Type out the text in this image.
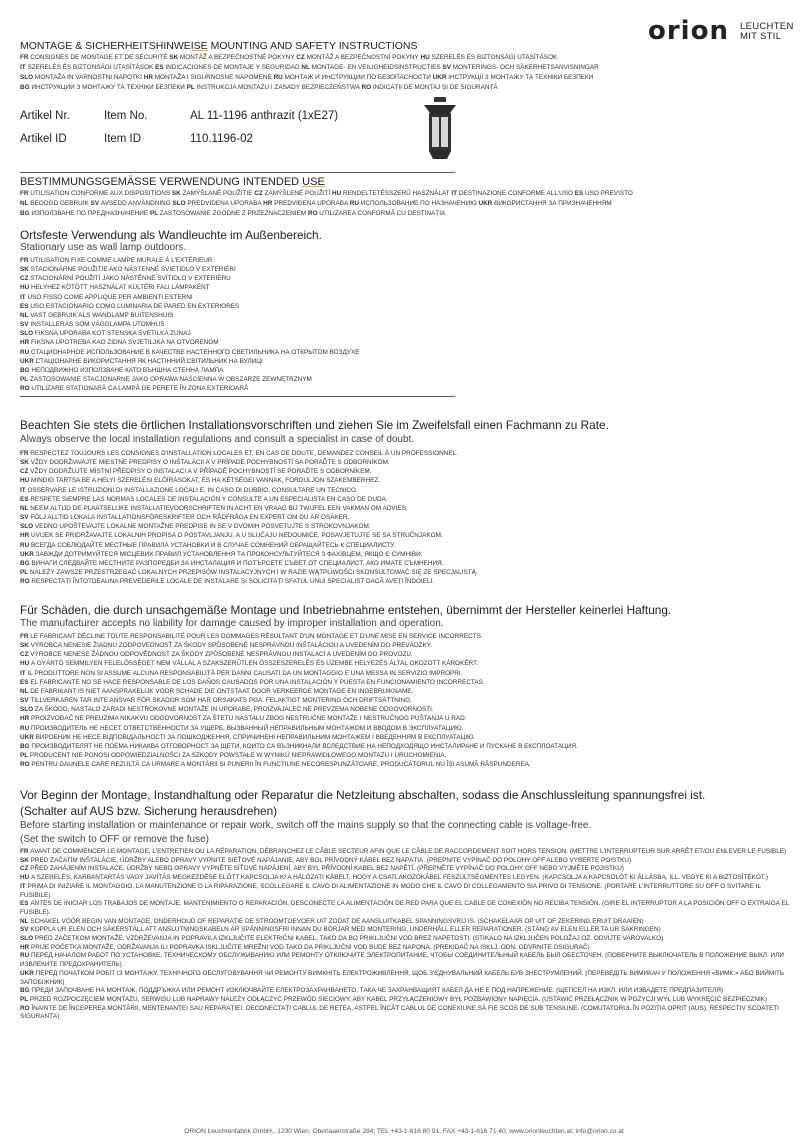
orion LEUCHTEN
MIT STIL
MONTAGE & SICHERHEITSHINWEISE MOUNTING AND SAFETY INSTRUCTIONS
FR CONSIGNES DE MONTAGE ET DE SÉCURITÉ SK MONTÁŽ A BEZPEČNOSTNÉ POKYNY CZ MONTÁŽ A BEZPEČNOSTNÍ POKYNY HU SZERELÉS ÉS BIZTONSÁGI UTASÍTÁSOK
IT SZERELÉS ÉS BIZTONSÁGI UTASÍTÁSOK ES INDICACIONES DE MONTAJE Y SEGURIDAD NL MONTAGE- EN VEILIGHEIDSINSTRUCTIES SV MONTERINGS- OCH SÄKERHETSANVISNINGAR
SLO MONTAŽA IN VARNOSTNI NAPOTKI HR MONTAŽA I SIGURNOSNE NAPOMENE RU МОНТАЖ И ИНСТРУКЦИИ ПО БЕЗОПАСНОСТИ UKR ІНСТРУКЦІЇ З МОНТАЖУ ТА ТЕХНІКИ БЕЗПЕКИ
BG ИНСТРУКЦИИ З МОНТАЖУ ТА ТЕХНІКИ БЕЗПЕКИ PL INSTRUKCJA MONTAŻU I ZASADY BEZPIECZEŃSTWA RO INDICAȚII DE MONTAJ ȘI DE SIGURANȚĂ
Artikel Nr.	Item No.	AL 11-1196 anthrazit (1xE27)
Artikel ID	Item ID	110.1196-02
BESTIMMUNGSGEMÄSSE VERWENDUNG INTENDED USE
FR UTILISATION CONFORME AUX DISPOSITIONS SK ZAMÝŠĽANÉ POUŽITIE CZ ZAMÝŠLENÉ POUŽITÍ HU RENDELTETÉSSZERŰ HASZNÁLAT IT DESTINAZIONE CONFORME ALL'USO ES USO PREVISTO
NL BEOOGD GEBRUIK SV AVSEDD ANVÄNDNING SLO PREDVIDENA UPORABA HR PREDVIĐENA UPORABA RU ИСПОЛЬЗОВАНИЕ ПО НАЗНАЧЕНИЮ UKR ВИКОРИСТАННЯ ЗА ПРИЗНАЧЕННЯМ
BG ИЗПОЛЗВАНЕ ПО ПРЕДНАЗНАЧЕНИЕ PL ZASTOSOWANIE ZGODNE Z PRZEZNACZENIEM RO UTILIZAREA CONFORMĂ CU DESTINAȚIA
Ortsfeste Verwendung als Wandleuchte im Außenbereich.
Stationary use as wall lamp outdoors.
FR UTILISATION FIXE COMME LAMPE MURALE À L'EXTÉRIEUR
SK STACIONÁRNE POUŽITIE AKO NÁSTENNÉ SVIETIDLO V EXTERIÉRI
CZ STACIONÁRNÍ POUŽITÍ JAKO NÁSTĚNNÉ SVÍTIDLO V EXTERIÉRU
HU HELYHEZ KÖTÖTT HASZNÁLAT KÜLTÉRI FALI LÁMPAKÉNT
IT USO FISSO COME APPLIQUE PER AMBIENTI ESTERNI
ES USO ESTACIONARIO COMO LUMINARIA DE PARED EN EXTERIORES
NL VAST GEBRUIK ALS WANDLAMP BUITENSHUIS
SV INSTALLERAS SOM VÄGGLAMPA UTOMHUS
SLO FIKSNA UPORABA KOT STENSKA SVETILKA ZUNAJ
HR FIKSNA UPOTREBA KAO ZIDNA SVJETILJKA NA OTVORENOM
RU СТАЦИОНАРНОЕ ИСПОЛЬЗОВАНИЕ В КАЧЕСТВЕ НАСТЕННОГО СВЕТИЛЬНИКА НА ОТКРЫТОМ ВОЗДУХЕ
UKR СТАЦІОНАРНЕ ВИКОРИСТАННЯ ЯК НАСТІННИЙ СВІТИЛЬНИК НА ВУЛИЦІ
BG НЕПОДВИЖНО ИЗПОЛЗВАНЕ КАТО ВЪНШНА СТЕННА ЛАМПА
PL ZASTOSOWANIE STACJONARNE JAKO OPRAWA NAŚCIENNA W OBSZARZE ZEWNĘTRZNYM
RO UTILIZARE STAȚIONARĂ CA LAMPĂ DE PERETE ÎN ZONA EXTERIOARĂ
Beachten Sie stets die örtlichen Installationsvorschriften und ziehen Sie im Zweifelsfall einen Fachmann zu Rate.
Always observe the local installation regulations and consult a specialist in case of doubt.
FR RESPECTEZ TOUJOURS LES CONSIGNES D'INSTALLATION LOCALES ET, EN CAS DE DOUTE, DEMANDEZ CONSEIL À UN PROFESSIONNEL.
SK VŽDY DODRŽIAVAJTE MIESTNE PREDPISY O INŠTALÁCII A V PRÍPADE POCHYBNOSTÍ SA PORAĎTE S ODBORNÍKOM.
CZ VŽDY DODRŽUJTE MÍSTNÍ PŘEDPISY O INSTALACI A V PŘÍPADĚ POCHYBNOSTÍ SE PORAĎTE S ODBORNÍKEM.
HU MINDIG TARTSA BE A HELYI SZERELÉSI ELŐÍRÁSOKAT, ÉS HA KÉTSÉGEI VANNAK, FORDULJON SZAKEMBERHEZ.
IT OSSERVARE LE ISTRUZIONI DI INSTALLAZIONE LOCALI E, IN CASO DI DUBBIO, CONSULTARE UN TECNICO.
ES RESPETE SIEMPRE LAS NORMAS LOCALES DE INSTALACIÓN Y CONSULTE A UN ESPECIALISTA EN CASO DE DUDA.
NL NEEM ALTIJD DE PLAATSELIJKE INSTALLATIEVOORSCHRIFTEN IN ACHT EN VRAAG BIJ TWIJFEL EEN VAKMAN OM ADVIES.
SV FÖLJ ALLTID LOKALA INSTALLATIONSFÖRESKRIFTER OCH RÅDFRÅGA EN EXPERT OM DU ÄR OSÄKER.
SLO VEDNO UPOŠTEVAJTE LOKALNE MONTAŽNE PREDPISE IN SE V DVOMIH POSVETUJTE S STROKOVNJAKOM.
HR UVIJEK SE PRIDRŽAVAJTE LOKALNIH PROPISA O POSTAVLJANJU, A U SLUČAJU NEDOUMICE, POSAVJETUJTE SE SA STRUČNJAKOM.
RU ВСЕГДА СОБЛЮДАЙТЕ МЕСТНЫЕ ПРАВИЛА УСТАНОВКИ И В СЛУЧАЕ СОМНЕНИЙ ОБРАЩАЙТЕСЬ К СПЕЦИАЛИСТУ.
UKR ЗАВЖДИ ДОТРИМУЙТЕСЯ МІСЦЕВИХ ПРАВИЛ УСТАНОВЛЕННЯ ТА ПРОКОНСУЛЬТУЙТЕСЯ З ФАХІВЦЕМ, ЯКЩО Є СУМНІВИ.
BG ВИНАГИ СЛЕДВАЙТЕ МЕСТНИТЕ РАЗПОРЕДБИ ЗА ИНСТАЛАЦИЯ И ПОТЪРСЕТЕ СЪВЕТ ОТ СПЕЦИАЛИСТ, АКО ИМАТЕ СЪМНЕНИЯ.
PL NALEŻY ZAWSZE PRZESTRZEGAĆ LOKALNYCH PRZEPISÓW INSTALACYJNYCH I W RAZIE WĄTPLIWOŚCI SKONSULTOWAĆ SIĘ ZE SPECJALISTĄ.
RO RESPECTAȚI ÎNTOTDEAUNA PREVEDERILE LOCALE DE INSTALARE ȘI SOLICITAȚI SFATUL UNUI SPECIALIST DACĂ AVEȚI ÎNDOIELI.
Für Schäden, die durch unsachgemäße Montage und Inbetriebnahme entstehen, übernimmt der Hersteller keinerlei Haftung.
The manufacturer accepts no liability for damage caused by improper installation and operation.
FR LE FABRICANT DÉCLINE TOUTE RESPONSABILITÉ POUR LES DOMMAGES RÉSULTANT D'UN MONTAGE ET D'UNE MISE EN SERVICE INCORRECTS.
SK VÝROBCA NENESIE ŽIADNU ZODPOVEDNOSŤ ZA ŠKODY SPÔSOBENÉ NESPRÁVNOU INŠTALÁCIOU A UVEDENÍM DO PREVÁDZKY.
CZ VÝROBCE NENESE ŽÁDNOU ODPOVĚDNOST ZA ŠKODY ZPŮSOBENÉ NESPRÁVNOU INSTALACÍ A UVEDENÍM DO PROVOZU.
HU A GYÁRTÓ SEMMILYEN FELELŐSSÉGET NEM VÁLLAL A SZAKSZERŰTLEN ÖSSZESZERELÉS ÉS ÜZEMBE HELYEZÉS ÁLTAL OKOZOTT KÁROKÉRT.
IT IL PRODUTTORE NON SI ASSUME ALCUNA RESPONSABILITÀ PER DANNI CAUSATI DA UN MONTAGGIO E UNA MESSA IN SERVIZIO IMPROPRI.
ES EL FABRICANTE NO SE HACE RESPONSABLE DE LOS DAÑOS CAUSADOS POR UNA INSTALACIÓN Y PUESTA EN FUNCIONAMIENTO INCORRECTAS.
NL DE FABRIKANT IS NIET AANSPRAKELIJK VOOR SCHADE DIE ONTSTAAT DOOR VERKEERDE MONTAGE EN INGEBRUIKNAME.
SV TILLVERKAREN TAR INTE ANSVAR FÖR SKADOR SOM HAR ORSAKATS PGA. FELAKTIGT MONTERING OCH DRIFTSÄTTNING.
SLO ZA ŠKODO, NASTALO ZARADI NESTROKOVNE MONTAŽE IN UPORABE, PROIZVAJALEC NE PREVZEMA NOBENE ODGOVORNOSTI.
HR PROIZVOĐAČ NE PREUZIMA NIKAKVU ODGOVORNOST ZA ŠTETU NASTALU ZBOG NESTRUČNE MONTAŽE I NESTRUČNOG PUŠTANJA U RAD.
RU ПРОИЗВОДИТЕЛЬ НЕ НЕСЕТ ОТВЕТСТВЕННОСТИ ЗА УЩЕРБ, ВЫЗВАННЫЙ НЕПРАВИЛЬНЫМ МОНТАЖОМ И ВВОДОМ В ЭКСПЛУАТАЦИЮ.
UKR ВИРОБНИК НЕ НЕСЕ ВІДПОВІДАЛЬНОСТІ ЗА ПОШКОДЖЕННЯ, СПРИЧИНЕНІ НЕПРАВИЛЬНИМ МОНТАЖЕМ І ВВЕДЕННЯМ В ЕКСПЛУАТАЦІЮ.
BG ПРОИЗВОДИТЕЛЯТ НЕ ПОЕМА НИКАКВА ОТГОВОРНОСТ ЗА ЩЕТИ, КОИТО СА ВЪЗНИКНАЛИ ВСЛЕДСТВИЕ НА НЕПОДХОДЯЩО ИНСТАЛИРАНЕ И ПУСКАНЕ В ЕКСПЛОАТАЦИЯ.
PL PRODUCENT NIE PONOSI ODPOWIEDZIALNOŚCI ZA SZKODY POWSTAŁE W WYNIKU NIEPRAWIDŁOWEGO MONTAŻU I URUCHOMIENIA.
RO PENTRU DAUNELE CARE REZULTĂ CA URMARE A MONTĂRII ȘI PUNERII ÎN FUNCȚIUNE NECORESPUNZĂTOARE, PRODUCĂTORUL NU ÎȘI ASUMĂ RĂSPUNDEREA.
Vor Beginn der Montage, Instandhaltung oder Reparatur die Netzleitung abschalten, sodass die Anschlussleitung spannungsfrei ist.
(Schalter auf AUS bzw. Sicherung herausdrehen)
Before starting installation or maintenance or repair work, switch off the mains supply so that the connecting cable is voltage-free.
(Set the switch to OFF or remove the fuse)
FR AVANT DE COMMENCER LE MONTAGE, L'ENTRETIEN OU LA RÉPARATION, DÉBRANCHEZ LE CÂBLE SECTEUR AFIN QUE LE CÂBLE DE RACCORDEMENT SOIT HORS TENSION. (METTRE L'INTERRUPTEUR SUR ARRÊT ET/OU ENLEVER LE FUSIBLE)
SK PRED ZAČATÍM INŠTALÁCIE, ÚDRŽBY ALEBO OPRAVY VYPNITE SIEŤOVÉ NAPÁJANIE, ABY BOL PRÍVODNÝ KÁBEL BEZ NAPÄTIA. (PREPNITE VYPÍNAČ DO POLOHY OFF ALEBO VYBERTE POISTKU)
CZ PŘED ZAHÁJENÍM INSTALACE, ÚDRŽBY NEBO OPRAVY VYPNĚTE SÍŤOVÉ NAPÁJENÍ, ABY BYL PŘÍVODNÍ KABEL BEZ NAPĚTÍ. (PŘEPNĚTE VYPÍNAČ DO POLOHY OFF NEBO VYJMĚTE POJISTKU)
HU A SZERELÉS, KARBANTARTÁS VAGY JAVÍTÁS MEGKEZDÉSE ELŐTT KAPCSOLJA KI A HÁLÓZATI KÁBELT, HOGY A CSATLAKOZÓKÁBEL FESZÜLTSÉGMENTES LEGYEN. (KAPCSOLJA A KAPCSOLÓT KI ÁLLÁSBA, ILL. VEGYE KI A BIZTOSÍTÉKOT.)
IT PRIMA DI INIZIARE IL MONTAGGIO, LA MANUTENZIONE O LA RIPARAZIONE, SCOLLEGARE IL CAVO DI ALIMENTAZIONE IN MODO CHE IL CAVO DI COLLEGAMENTO SIA PRIVO DI TENSIONE. (PORTARE L'INTERRUTTORE SU OFF O SVITARE IL FUSIBILE)
ES ANTES DE INICIAR LOS TRABAJOS DE MONTAJE, MANTENIMIENTO O REPARACIÓN, DESCONECTE LA ALIMENTACIÓN DE RED PARA QUE EL CABLE DE CONEXIÓN NO RECIBA TENSIÓN. (GIRE EL INTERRUPTOR A LA POSICIÓN OFF O EXTRAIGA EL FUSIBLE).
NL SCHAKEL VÓÓR BEGIN VAN MONTAGE, ONDERHOUD OF REPARATIE DE STROOMTOEVOER UIT ZODAT DE AANSLUITKABEL SPANNINGSVRIJ IS. (SCHAKELAAR OP UIT OF ZEKERING ERUIT DRAAIEN)
SV KOPPLA UR ELEN OCH SÄKERSTÄLL ATT ANSLUTNINGSKABELN ÄR SPÄNNINGSFRI INNAN DU BÖRJAR MED MONTERING, UNDERHÅLL ELLER REPARATIONER. (STÄNG AV ELEN ELLER TA UR SÄKRINGEN)
SLO PRED ZAČETKOM MONTAŽE, VZDRŽEVANJA IN POPRAVILA IZKLJUČITE ELEKTRIČNI KABEL, TAKO DA BO PRIKLJUČNI VOD BREZ NAPETOSTI. (STIKALO NA IZKLJUČEN POLOŽAJ OZ. ODVIJTE VAROVALKO)
HR PRIJE POČETKA MONTAŽE, ODRŽAVANJA ILI POPRAVKA ISKLJUČITE MREŽNI VOD TAKO DA PRIKLJUČNI VOD BUDE BEZ NAPONA. (PREKIDAČ NA ISKLJ. ODN. ODVRNITE OSIGURAČ)
RU ПЕРЕД НАЧАЛОМ РАБОТ ПО УСТАНОВКЕ, ТЕХНИЧЕСКОМУ ОБСЛУЖИВАНИЮ ИЛИ РЕМОНТУ ОТКЛЮЧИТЕ ЭЛЕКТРОПИТАНИЕ, ЧТОБЫ СОЕДИНИТЕЛЬНЫЙ КАБЕЛЬ БЫЛ ОБЕСТОЧЕН. (ПОВЕРНИТЕ ВЫКЛЮЧАТЕЛЬ В ПОЛОЖЕНИЕ ВЫКЛ. ИЛИ ИЗВЛЕКИТЕ ПРЕДОХРАНИТЕЛЬ)
UKR ПЕРЕД ПОЧАТКОМ РОБІТ ІЗ МОНТАЖУ, ТЕХНІЧНОГО ОБСЛУГОВУВАННЯ ЧИ РЕМОНТУ ВИМКНІТЬ ЕЛЕКТРОЖИВЛЕННЯ, ЩОБ З'ЄДНУВАЛЬНИЙ КАБЕЛЬ БУВ ЗНЕСТРУМЛЕНИЙ. (ПЕРЕВЕДІТЬ ВИМИКАЧ У ПОЛОЖЕННЯ «ВИМК.» АБО ВИЙМІТЬ ЗАПОБІЖНИК)
BG ПРЕДИ ЗАПОЧВАНЕ НА МОНТАЖ, ПОДДРЪЖКА ИЛИ РЕМОНТ ИЗКЛЮЧВАЙТЕ ЕЛЕКТРОЗАХРАНВАНЕТО, ТАКА ЧЕ ЗАХРАНВАЩИЯТ КАБЕЛ ДА НЕ Е ПОД НАПРЕЖЕНИЕ. (ЩЕПСЕЛ НА ИЗКЛ. ИЛИ ИЗВАДЕТЕ ПРЕДПАЗИТЕЛЯ)
PL PRZED ROZPOCZĘCIEM MONTAŻU, SERWISU LUB NAPRAWY NALEŻY ODŁĄCZYĆ PRZEWÓD SIECIOWY, ABY KABEL PRZYŁĄCZENIOWY BYŁ POZBAWIONY NAPIĘCIA. (USTAWIĆ PRZEŁĄCZNIK W POZYCJI WYŁ LUB WYKRĘCIĆ BEZPIECZNIK)
RO ÎNAINTE DE ÎNCEPEREA MONTĂRII, MENTENANȚEI SAU REPARAȚIEI, DECONECTAȚI CABLUL DE REȚEA, ASTFEL ÎNCÂT CABLUL DE CONEXIUNE SĂ FIE SCOS DE SUB TENSIUNE. (COMUTATORUL ÎN POZIȚIA OPRIT (AUS), RESPECTIV SCOATEȚI SIGURANȚA)
ORION Leuchtenfabrik GmbH., 1230 Wien, Oberlaaerstraße 284; TEL +43-1-616 80 91; FAX +43-1-616 71 40; www.orionleuchten.at; info@orion.co.at
